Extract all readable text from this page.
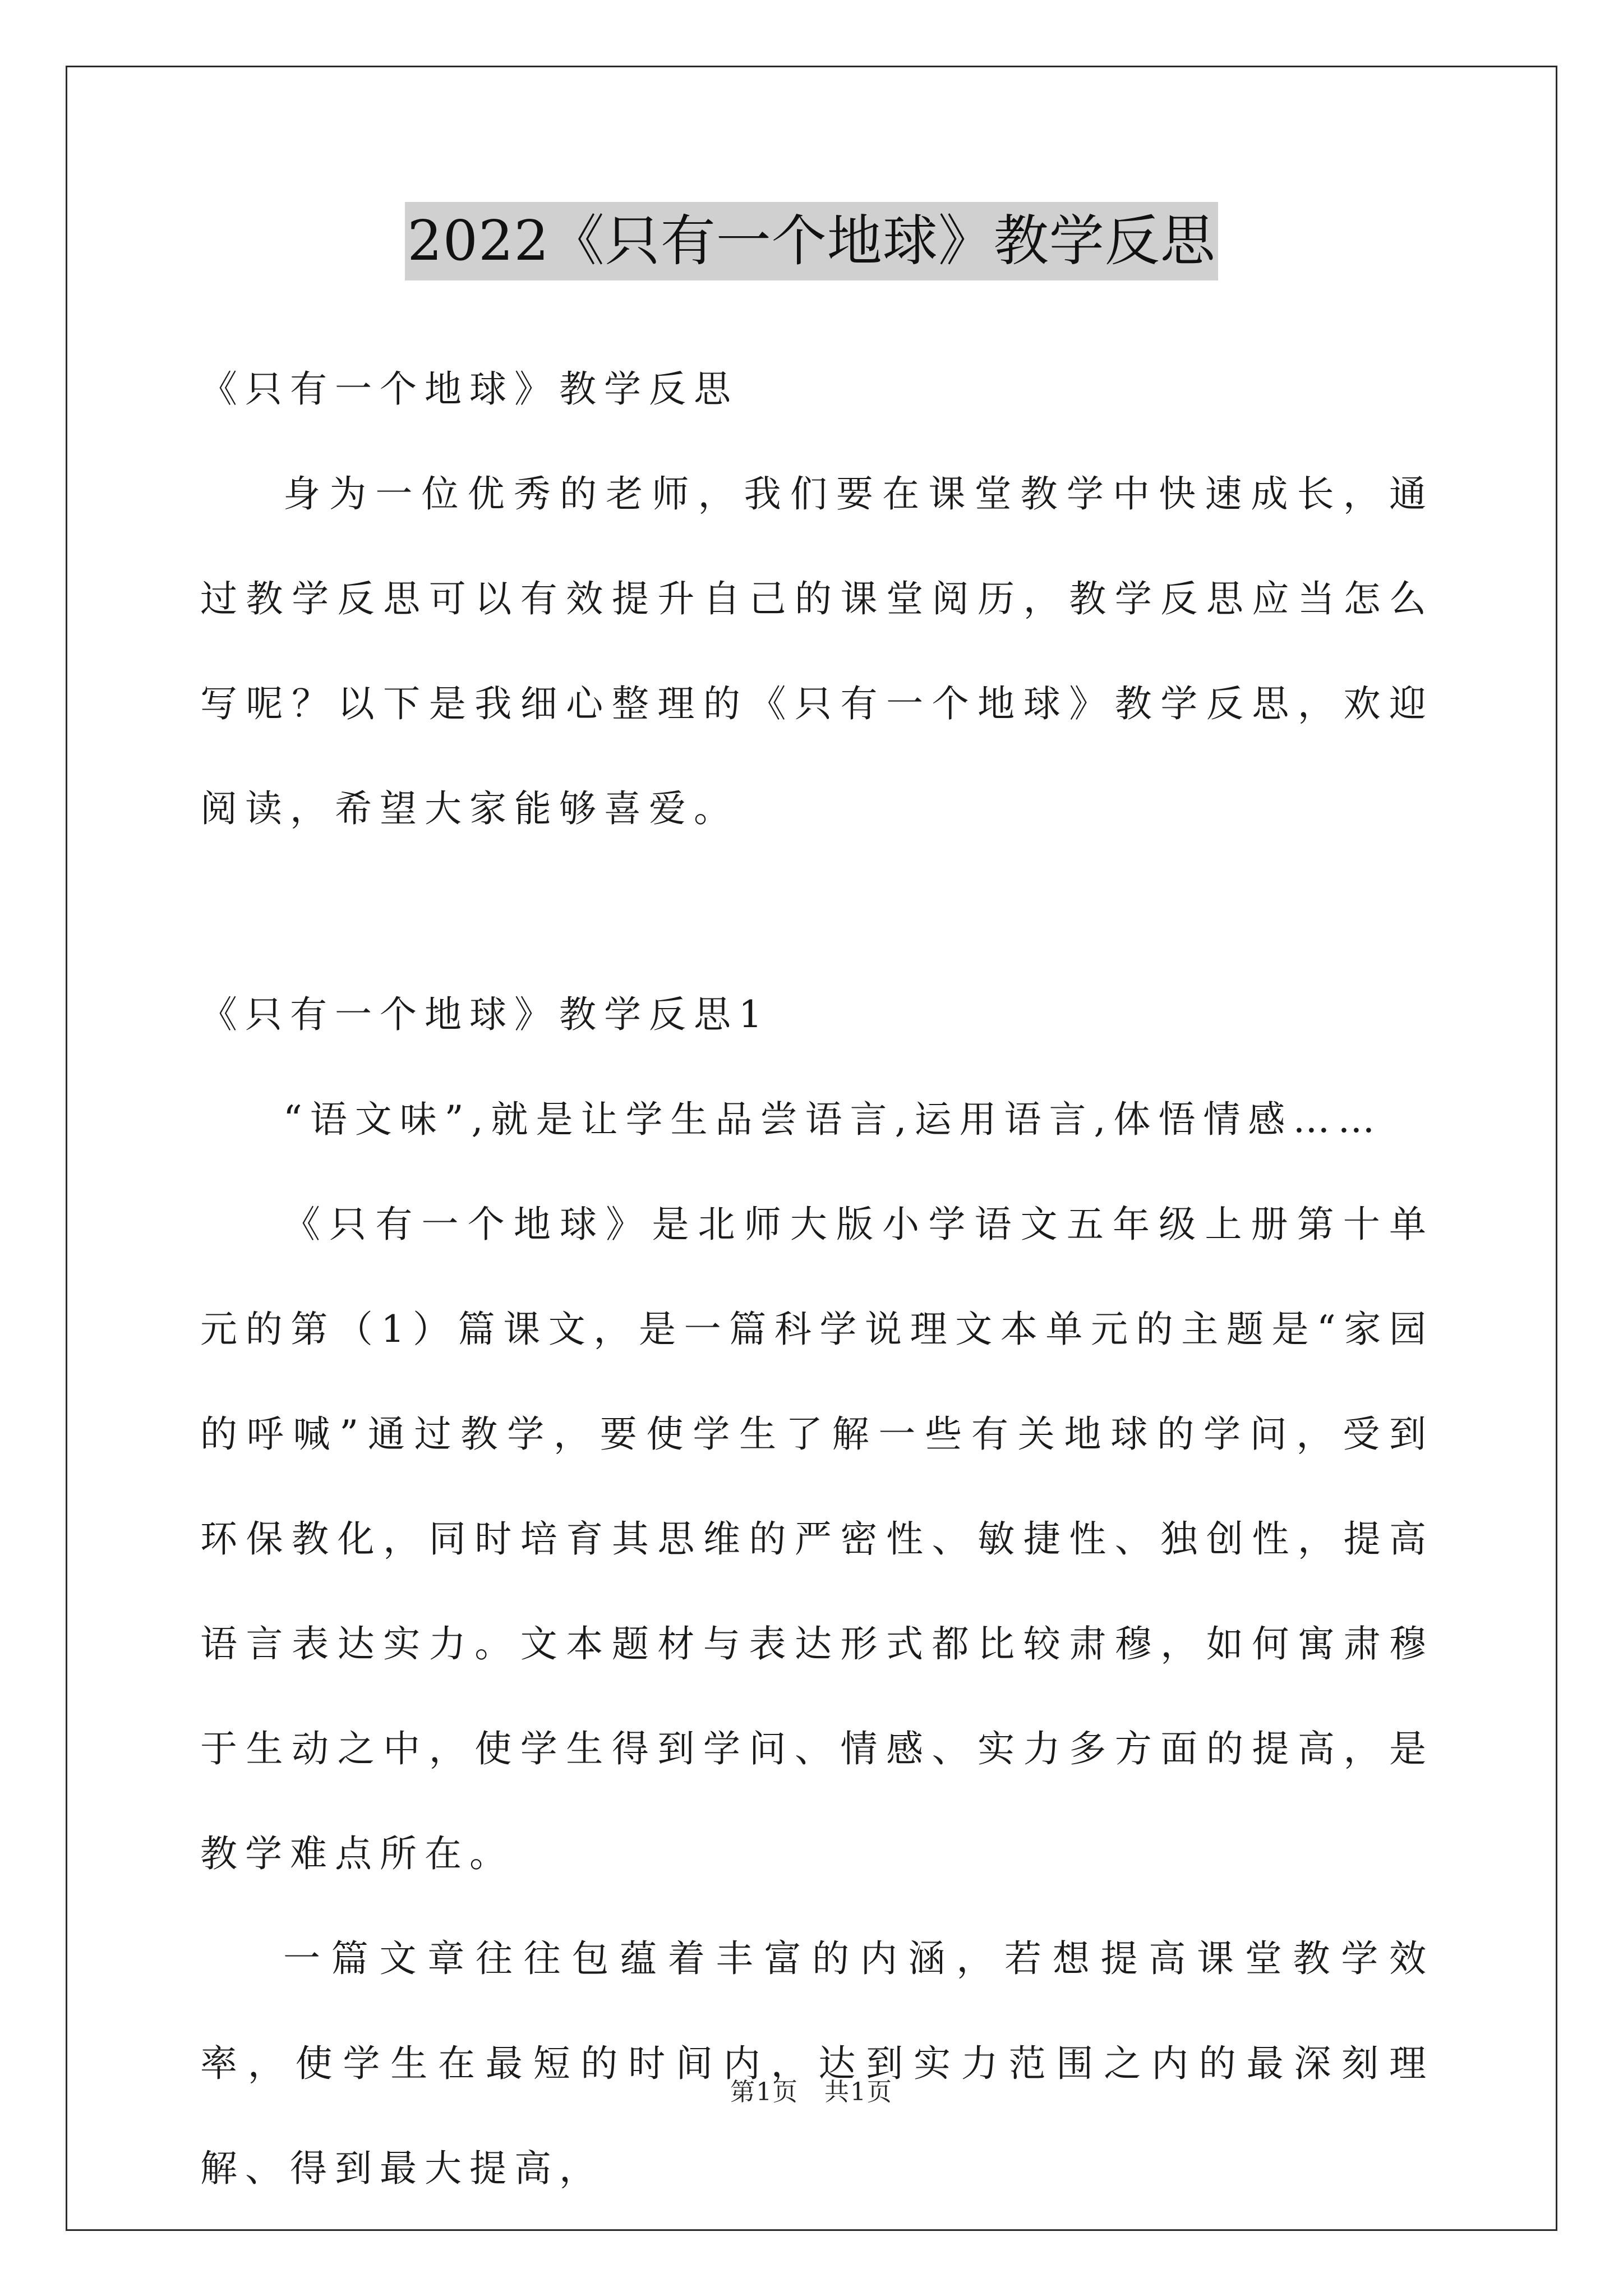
2022《只有一个地球》教学反思

《只有一个地球》教学反思

身为一位优秀的老师，我们要在课堂教学中快速成长，通过教学反思可以有效提升自己的课堂阅历，教学反思应当怎么写呢？以下是我细心整理的《只有一个地球》教学反思，欢迎阅读，希望大家能够喜爱。

《只有一个地球》教学反思1

“语文味”,就是让学生品尝语言,运用语言,体悟情感……

《只有一个地球》是北师大版小学语文五年级上册第十单元的第（1）篇课文，是一篇科学说理文本单元的主题是“家园的呼喊”通过教学，要使学生了解一些有关地球的学问，受到环保教化，同时培育其思维的严密性、敏捷性、独创性，提高语言表达实力。文本题材与表达形式都比较肃穆，如何寓肃穆于生动之中，使学生得到学问、情感、实力多方面的提高，是教学难点所在。

一篇文章往往包蕴着丰富的内涵，若想提高课堂教学效率，使学生在最短的时间内，达到实力范围之内的最深刻理解、得到最大提高，

第1页　共1页
